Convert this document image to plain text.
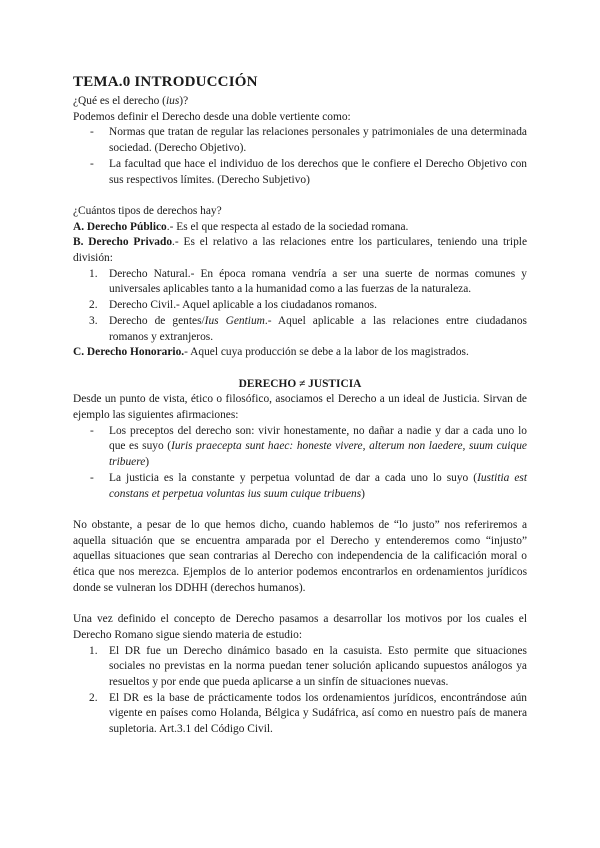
TEMA.0 INTRODUCCIÓN

¿Qué es el derecho (ius)?

Podemos definir el Derecho desde una doble vertiente como:

- Normas que tratan de regular las relaciones personales y patrimoniales de una determinada sociedad. (Derecho Objetivo).
- La facultad que hace el individuo de los derechos que le confiere el Derecho Objetivo con sus respectivos límites. (Derecho Subjetivo)

¿Cuántos tipos de derechos hay?

A. Derecho Público.- Es el que respecta al estado de la sociedad romana.

B. Derecho Privado.- Es el relativo a las relaciones entre los particulares, teniendo una triple división:

1. Derecho Natural.- En época romana vendría a ser una suerte de normas comunes y universales aplicables tanto a la humanidad como a las fuerzas de la naturaleza.
2. Derecho Civil.- Aquel aplicable a los ciudadanos romanos.
3. Derecho de gentes/Ius Gentium.- Aquel aplicable a las relaciones entre ciudadanos romanos y extranjeros.

C. Derecho Honorario.- Aquel cuya producción se debe a la labor de los magistrados.

DERECHO ≠ JUSTICIA

Desde un punto de vista, ético o filosófico, asociamos el Derecho a un ideal de Justicia. Sirvan de ejemplo las siguientes afirmaciones:

- Los preceptos del derecho son: vivir honestamente, no dañar a nadie y dar a cada uno lo que es suyo (Iuris praecepta sunt haec: honeste vivere, alterum non laedere, suum cuique tribuere)
- La justicia es la constante y perpetua voluntad de dar a cada uno lo suyo (Iustitia est constans et perpetua voluntas ius suum cuique tribuens)

No obstante, a pesar de lo que hemos dicho, cuando hablemos de “lo justo” nos referiremos a aquella situación que se encuentra amparada por el Derecho y entenderemos como “injusto” aquellas situaciones que sean contrarias al Derecho con independencia de la calificación moral o ética que nos merezca. Ejemplos de lo anterior podemos encontrarlos en ordenamientos jurídicos donde se vulneran los DDHH (derechos humanos).

Una vez definido el concepto de Derecho pasamos a desarrollar los motivos por los cuales el Derecho Romano sigue siendo materia de estudio:

1. El DR fue un Derecho dinámico basado en la casuista. Esto permite que situaciones sociales no previstas en la norma puedan tener solución aplicando supuestos análogos ya resueltos y por ende que pueda aplicarse a un sinfín de situaciones nuevas.
2. El DR es la base de prácticamente todos los ordenamientos jurídicos, encontrándose aún vigente en países como Holanda, Bélgica y Sudáfrica, así como en nuestro país de manera supletoria. Art.3.1 del Código Civil.
